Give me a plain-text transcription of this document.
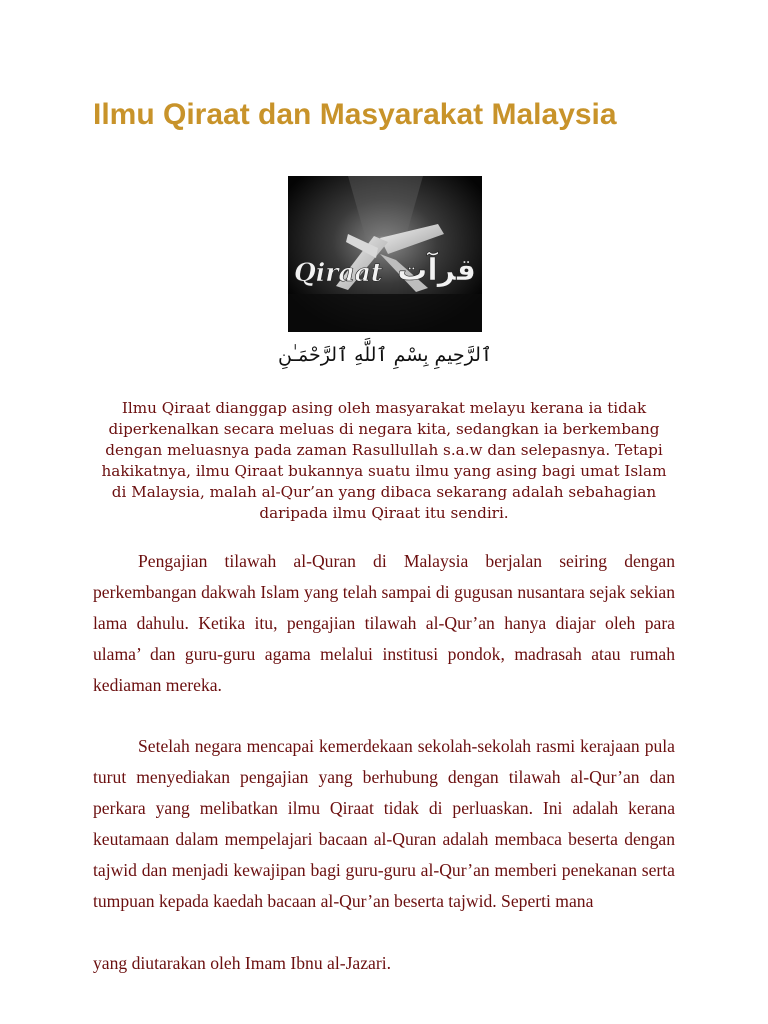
Ilmu Qiraat dan Masyarakat Malaysia
Qiraat قرآت
ٱلرَّحِيمِ بِسْمِ ٱللَّهِ ٱلرَّحْمَـٰنِ

Ilmu Qiraat dianggap asing oleh masyarakat melayu kerana ia tidak diperkenalkan secara meluas di negara kita, sedangkan ia berkembang dengan meluasnya pada zaman Rasullullah s.a.w dan selepasnya. Tetapi hakikatnya, ilmu Qiraat bukannya suatu ilmu yang asing bagi umat Islam di Malaysia, malah al-Qur’an yang dibaca sekarang adalah sebahagian daripada ilmu Qiraat itu sendiri.

Pengajian tilawah al-Quran di Malaysia berjalan seiring dengan perkembangan dakwah Islam yang telah sampai di gugusan nusantara sejak sekian lama dahulu. Ketika itu, pengajian tilawah al-Qur’an hanya diajar oleh para ulama’ dan guru-guru agama melalui institusi pondok, madrasah atau rumah kediaman mereka.

Setelah negara mencapai kemerdekaan sekolah-sekolah rasmi kerajaan pula turut menyediakan pengajian yang berhubung dengan tilawah al-Qur’an dan perkara yang melibatkan ilmu Qiraat tidak di perluaskan. Ini adalah kerana keutamaan dalam mempelajari bacaan al-Quran adalah membaca beserta dengan tajwid dan menjadi kewajipan bagi guru-guru al-Qur’an memberi penekanan serta tumpuan kepada kaedah bacaan al-Qur’an beserta tajwid. Seperti mana

yang diutarakan oleh Imam Ibnu al-Jazari.
